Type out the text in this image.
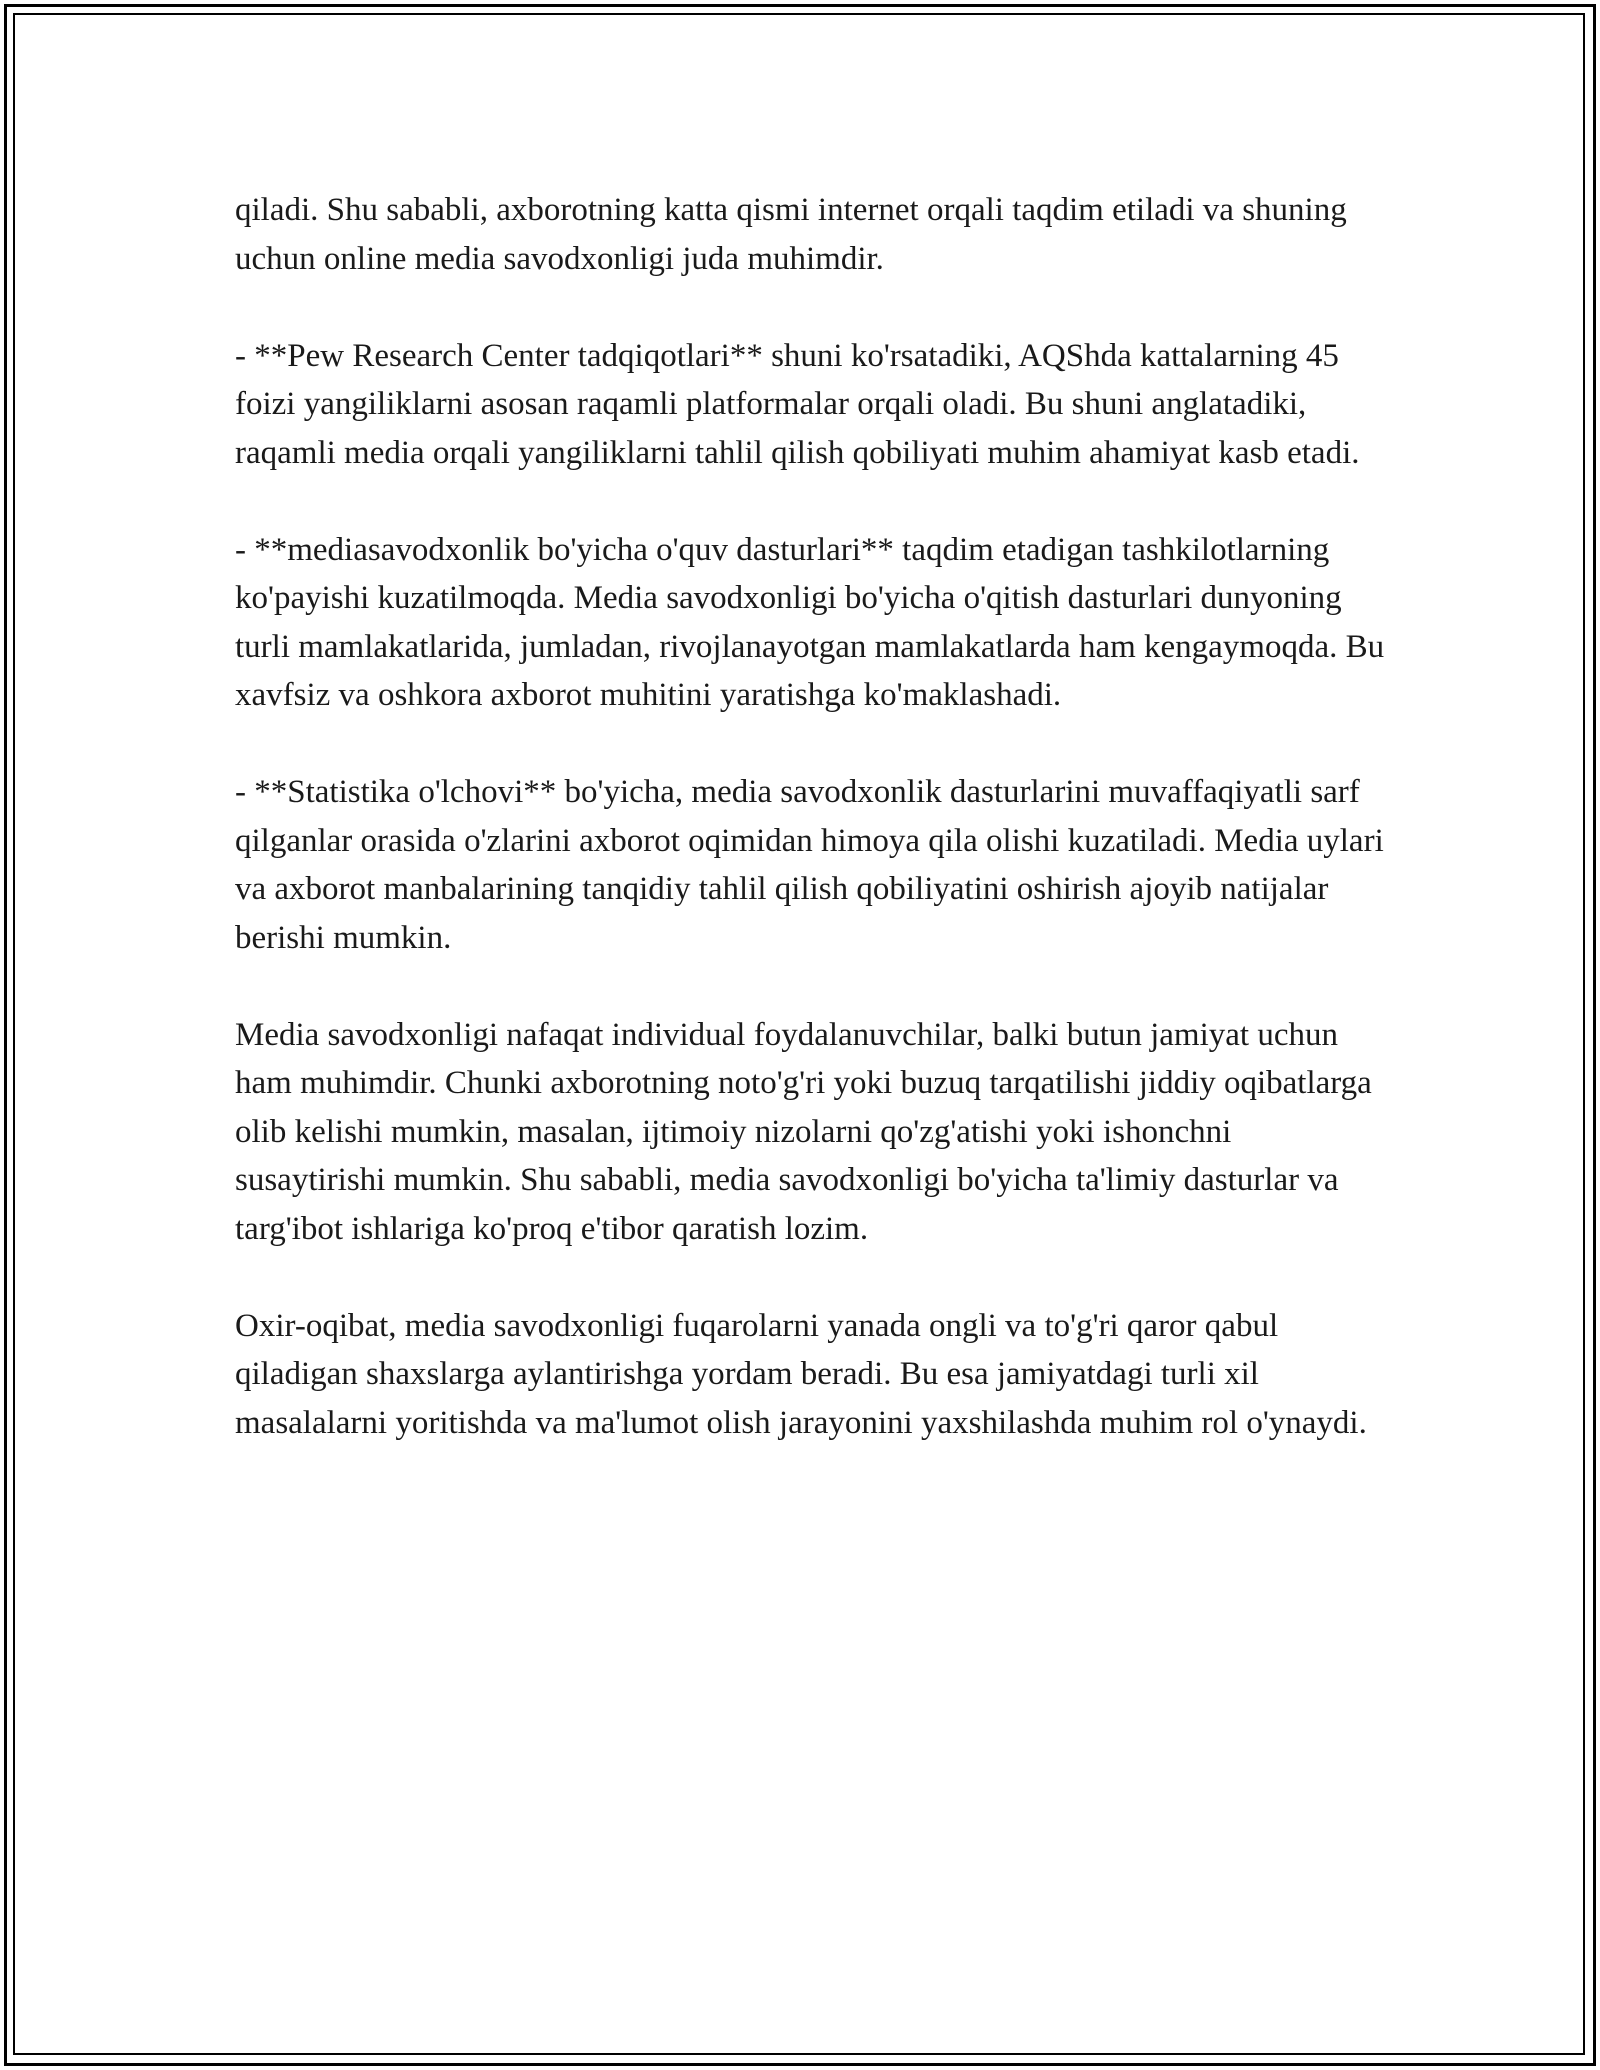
qiladi. Shu sababli, axborotning katta qismi internet orqali taqdim etiladi va shuning uchun online media savodxonligi juda muhimdir.

- **Pew Research Center tadqiqotlari** shuni ko'rsatadiki, AQShda kattalarning 45 foizi yangiliklarni asosan raqamli platformalar orqali oladi. Bu shuni anglatadiki, raqamli media orqali yangiliklarni tahlil qilish qobiliyati muhim ahamiyat kasb etadi.

- **mediasavodxonlik bo'yicha o'quv dasturlari** taqdim etadigan tashkilotlarning ko'payishi kuzatilmoqda. Media savodxonligi bo'yicha o'qitish dasturlari dunyoning turli mamlakatlarida, jumladan, rivojlanayotgan mamlakatlarda ham kengaymoqda. Bu xavfsiz va oshkora axborot muhitini yaratishga ko'maklashadi.

- **Statistika o'lchovi** bo'yicha, media savodxonlik dasturlarini muvaffaqiyatli sarf qilganlar orasida o'zlarini axborot oqimidan himoya qila olishi kuzatiladi. Media uylari va axborot manbalarining tanqidiy tahlil qilish qobiliyatini oshirish ajoyib natijalar berishi mumkin.

Media savodxonligi nafaqat individual foydalanuvchilar, balki butun jamiyat uchun ham muhimdir. Chunki axborotning noto'g'ri yoki buzuq tarqatilishi jiddiy oqibatlarga olib kelishi mumkin, masalan, ijtimoiy nizolarni qo'zg'atishi yoki ishonchni susaytirishi mumkin. Shu sababli, media savodxonligi bo'yicha ta'limiy dasturlar va targ'ibot ishlariga ko'proq e'tibor qaratish lozim.

Oxir-oqibat, media savodxonligi fuqarolarni yanada ongli va to'g'ri qaror qabul qiladigan shaxslarga aylantirishga yordam beradi. Bu esa jamiyatdagi turli xil masalalarni yoritishda va ma'lumot olish jarayonini yaxshilashda muhim rol o'ynaydi.
